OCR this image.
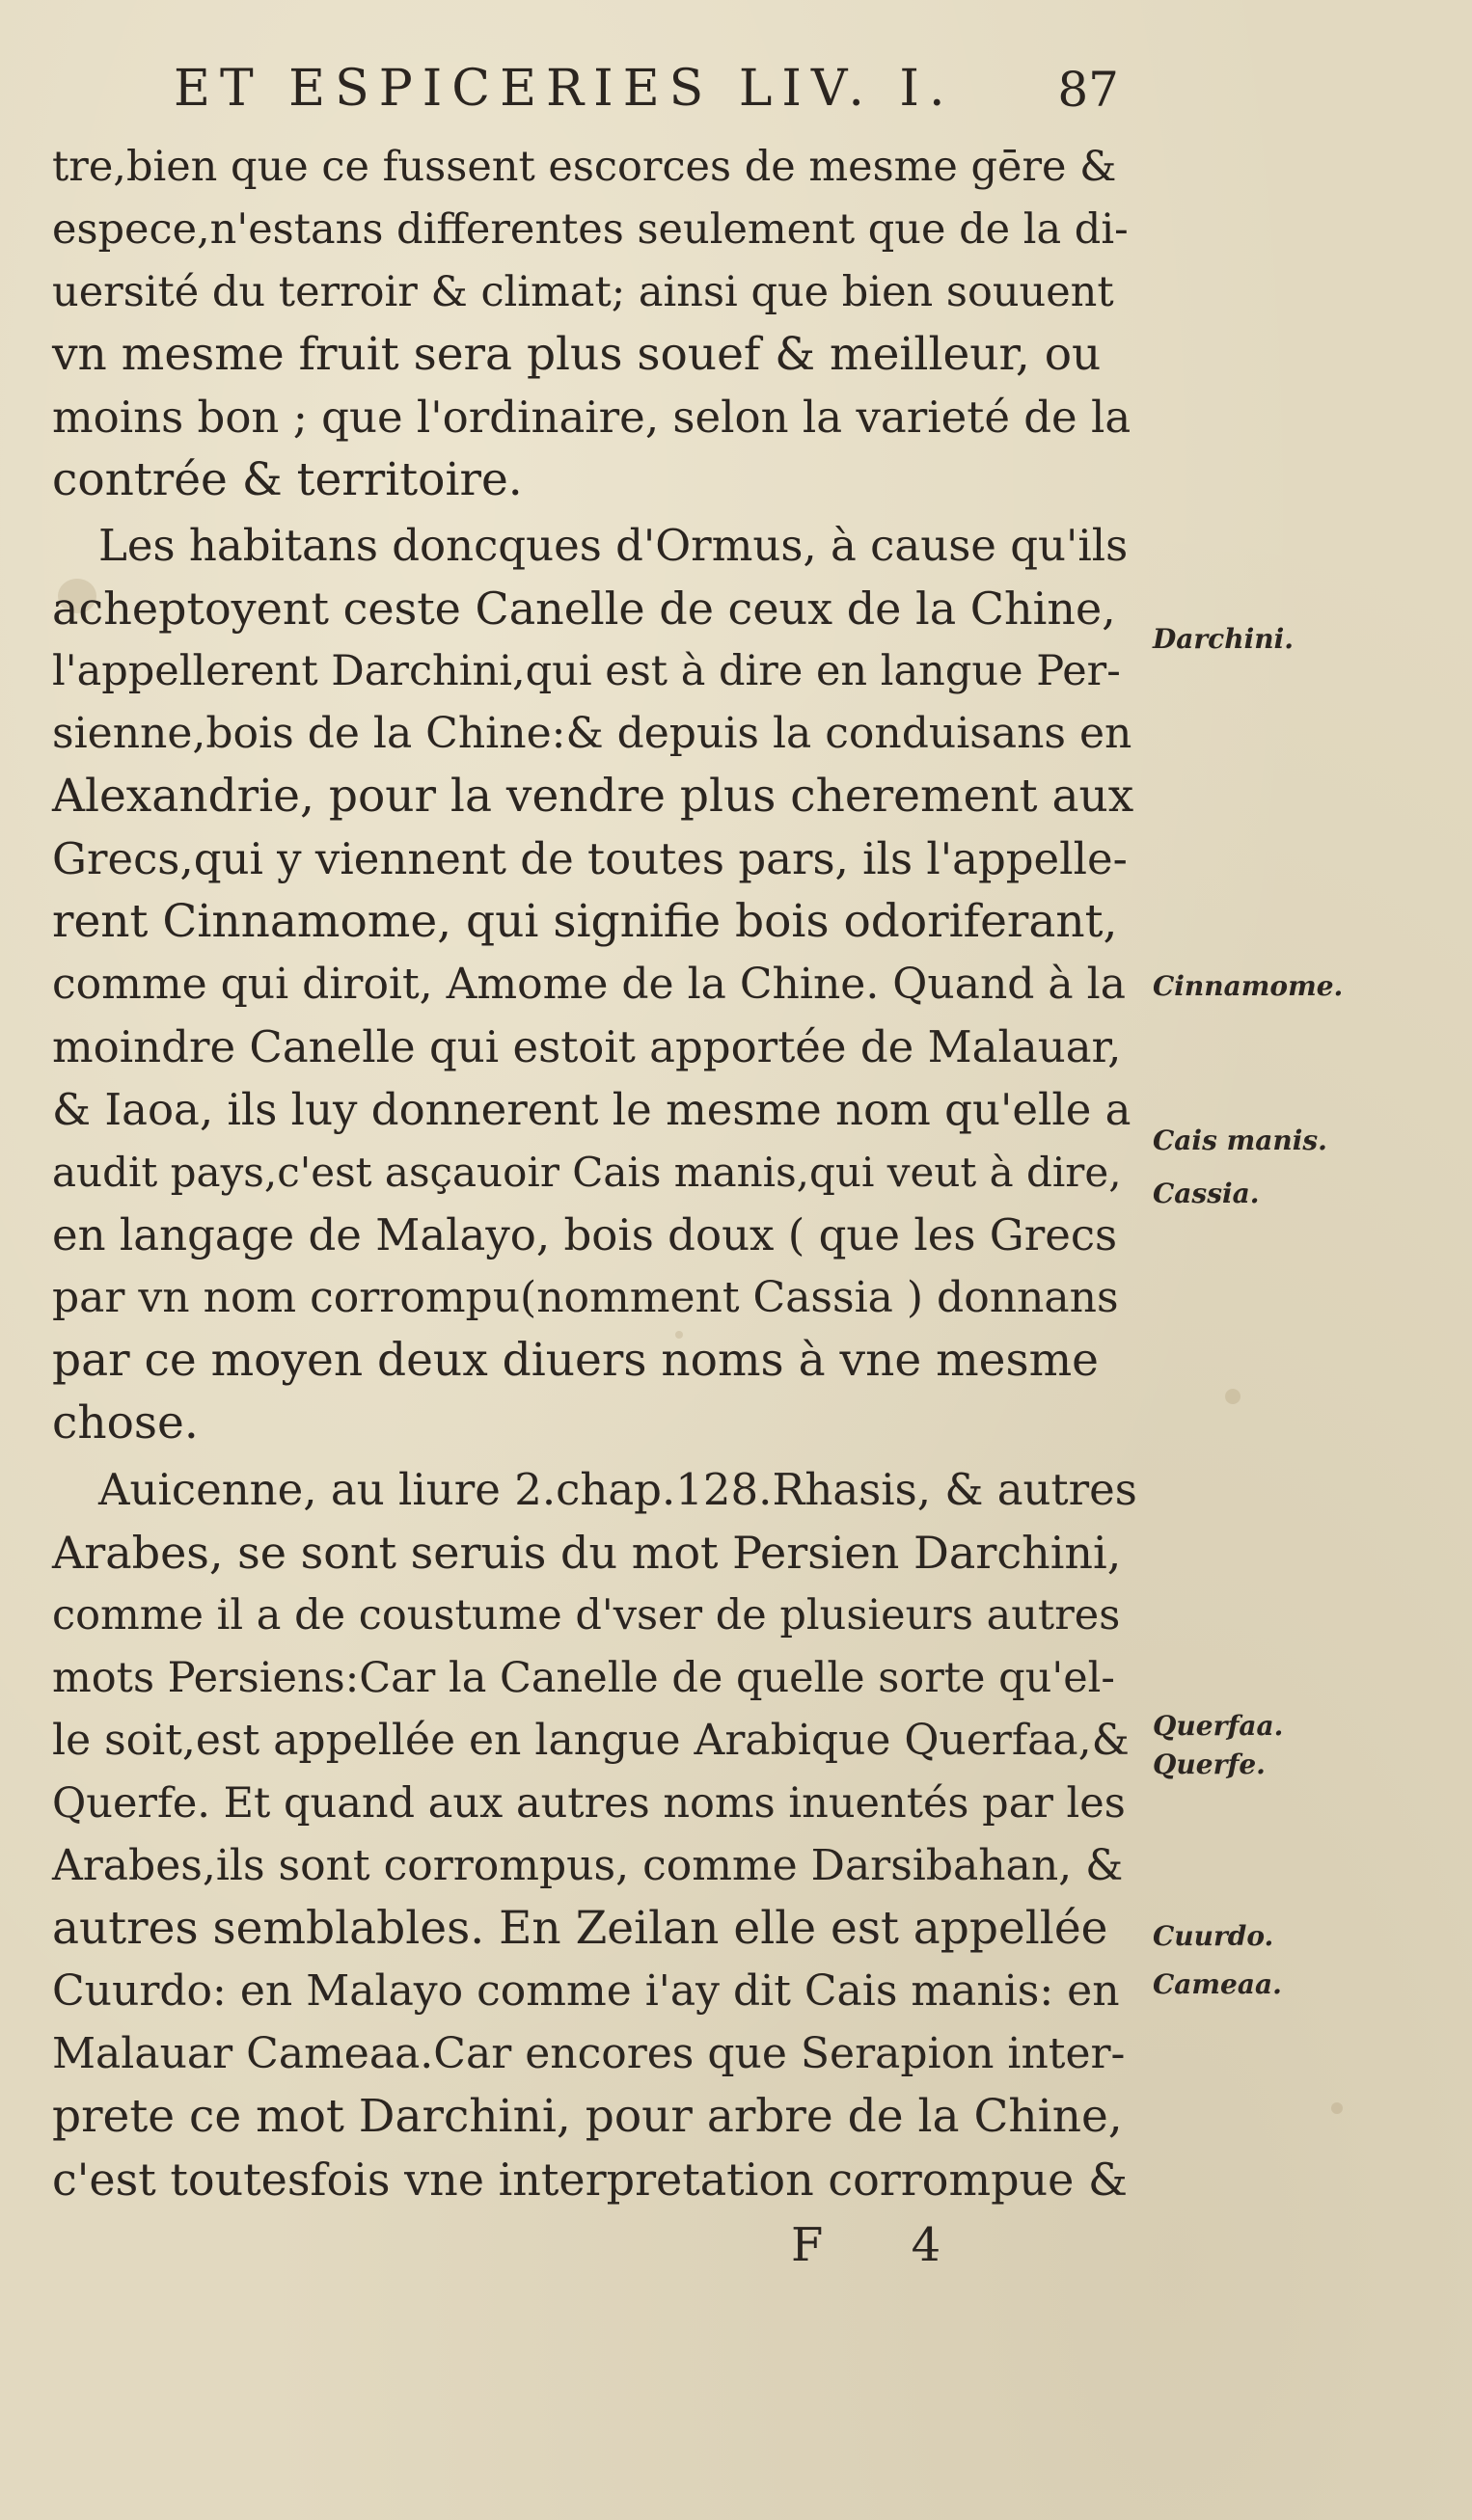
ET ESPICERIES LIV. I. 87
tre,bien que ce fussent escorces de mesme gēre &
espece,n'estans differentes seulement que de la di-
uersité du terroir & climat; ainsi que bien souuent
vn mesme fruit sera plus souef & meilleur, ou
moins bon ; que l'ordinaire, selon la varieté de la
contrée & territoire.
Les habitans doncques d'Ormus, à cause qu'ils
acheptoyent ceste Canelle de ceux de la Chine,
l'appellerent Darchini,qui est à dire en langue Per-
sienne,bois de la Chine:& depuis la conduisans en
Alexandrie, pour la vendre plus cherement aux
Grecs,qui y viennent de toutes pars, ils l'appelle-
rent Cinnamome, qui signifie bois odoriferant,
comme qui diroit, Amome de la Chine. Quand à la
moindre Canelle qui estoit apportée de Malauar,
& Iaoa, ils luy donnerent le mesme nom qu'elle a
audit pays,c'est asçauoir Cais manis,qui veut à dire,
en langage de Malayo, bois doux ( que les Grecs
par vn nom corrompu(nomment Cassia ) donnans
par ce moyen deux diuers noms à vne mesme
chose.
Auicenne, au liure 2.chap.128.Rhasis, & autres
Arabes, se sont seruis du mot Persien Darchini,
comme il a de coustume d'vser de plusieurs autres
mots Persiens:Car la Canelle de quelle sorte qu'el-
le soit,est appellée en langue Arabique Querfaa,&
Querfe. Et quand aux autres noms inuentés par les
Arabes,ils sont corrompus, comme Darsibahan, &
autres semblables. En Zeilan elle est appellée
Cuurdo: en Malayo comme i'ay dit Cais manis: en
Malauar Cameaa.Car encores que Serapion inter-
prete ce mot Darchini, pour arbre de la Chine,
c'est toutesfois vne interpretation corrompue &
Darchini.
Cinnamome.
Cais manis.
Cassia.
Querfaa.
Querfe.
Cuurdo.
Cameaa.
F 4
